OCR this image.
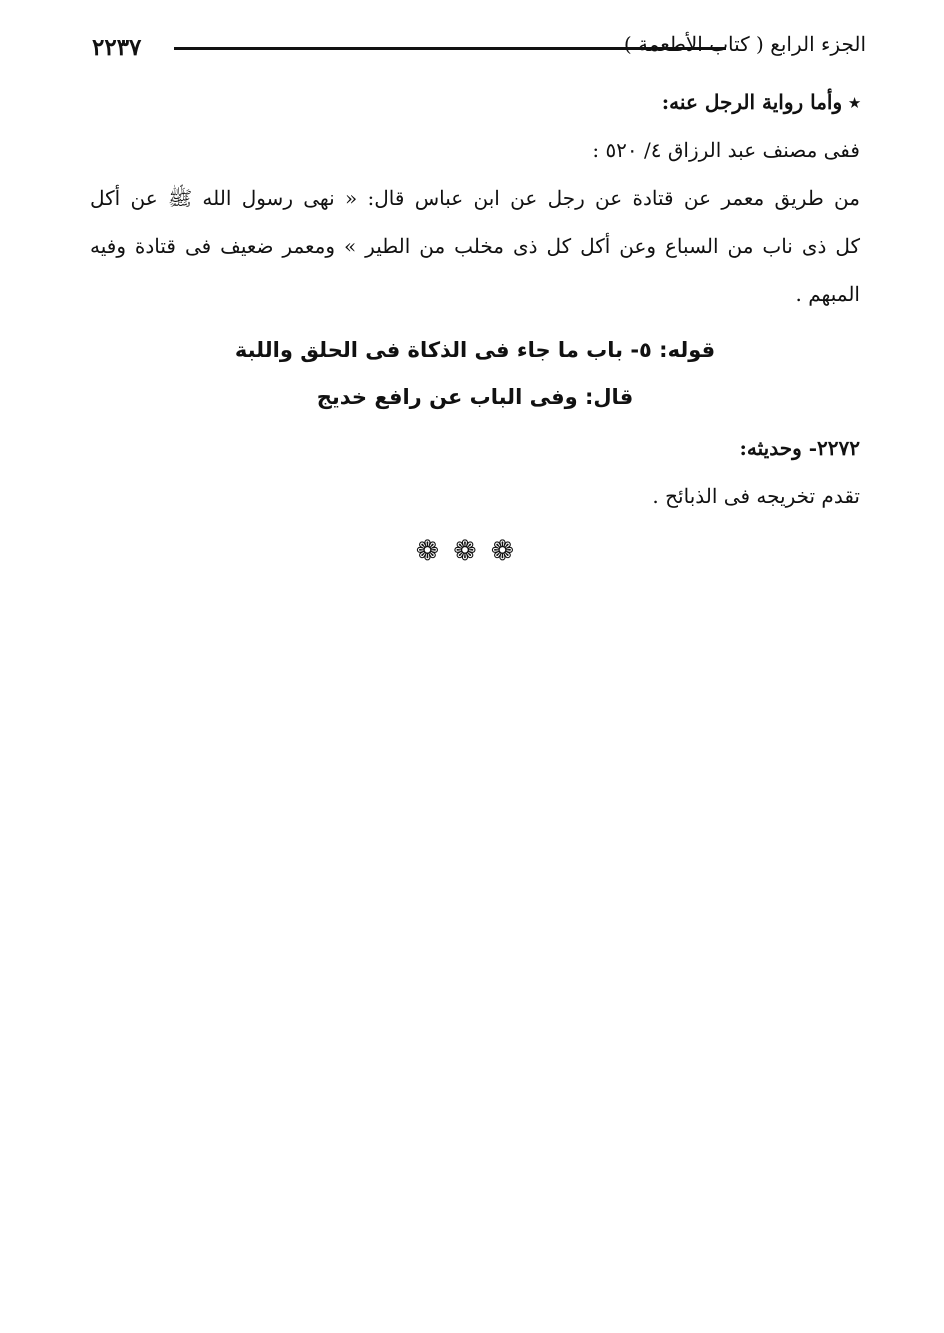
٢٢٣٧	الجزء الرابع ( كتاب الأطعمة )
٭ وأما رواية الرجل عنه:
ففى مصنف عبد الرزاق ٤/ ٥٢٠ :
من طريق معمر عن قتادة عن رجل عن ابن عباس قال: « نهى رسول الله ﷺ عن أكل
كل ذى ناب من السباع وعن أكل كل ذى مخلب من الطير » ومعمر ضعيف فى قتادة وفيه
المبهم .
قوله: ٥- باب ما جاء فى الذكاة فى الحلق واللبة
قال: وفى الباب عن رافع خديج
٢٢٧٢- وحديثه:
تقدم تخريجه فى الذبائح .
❁❁❁
